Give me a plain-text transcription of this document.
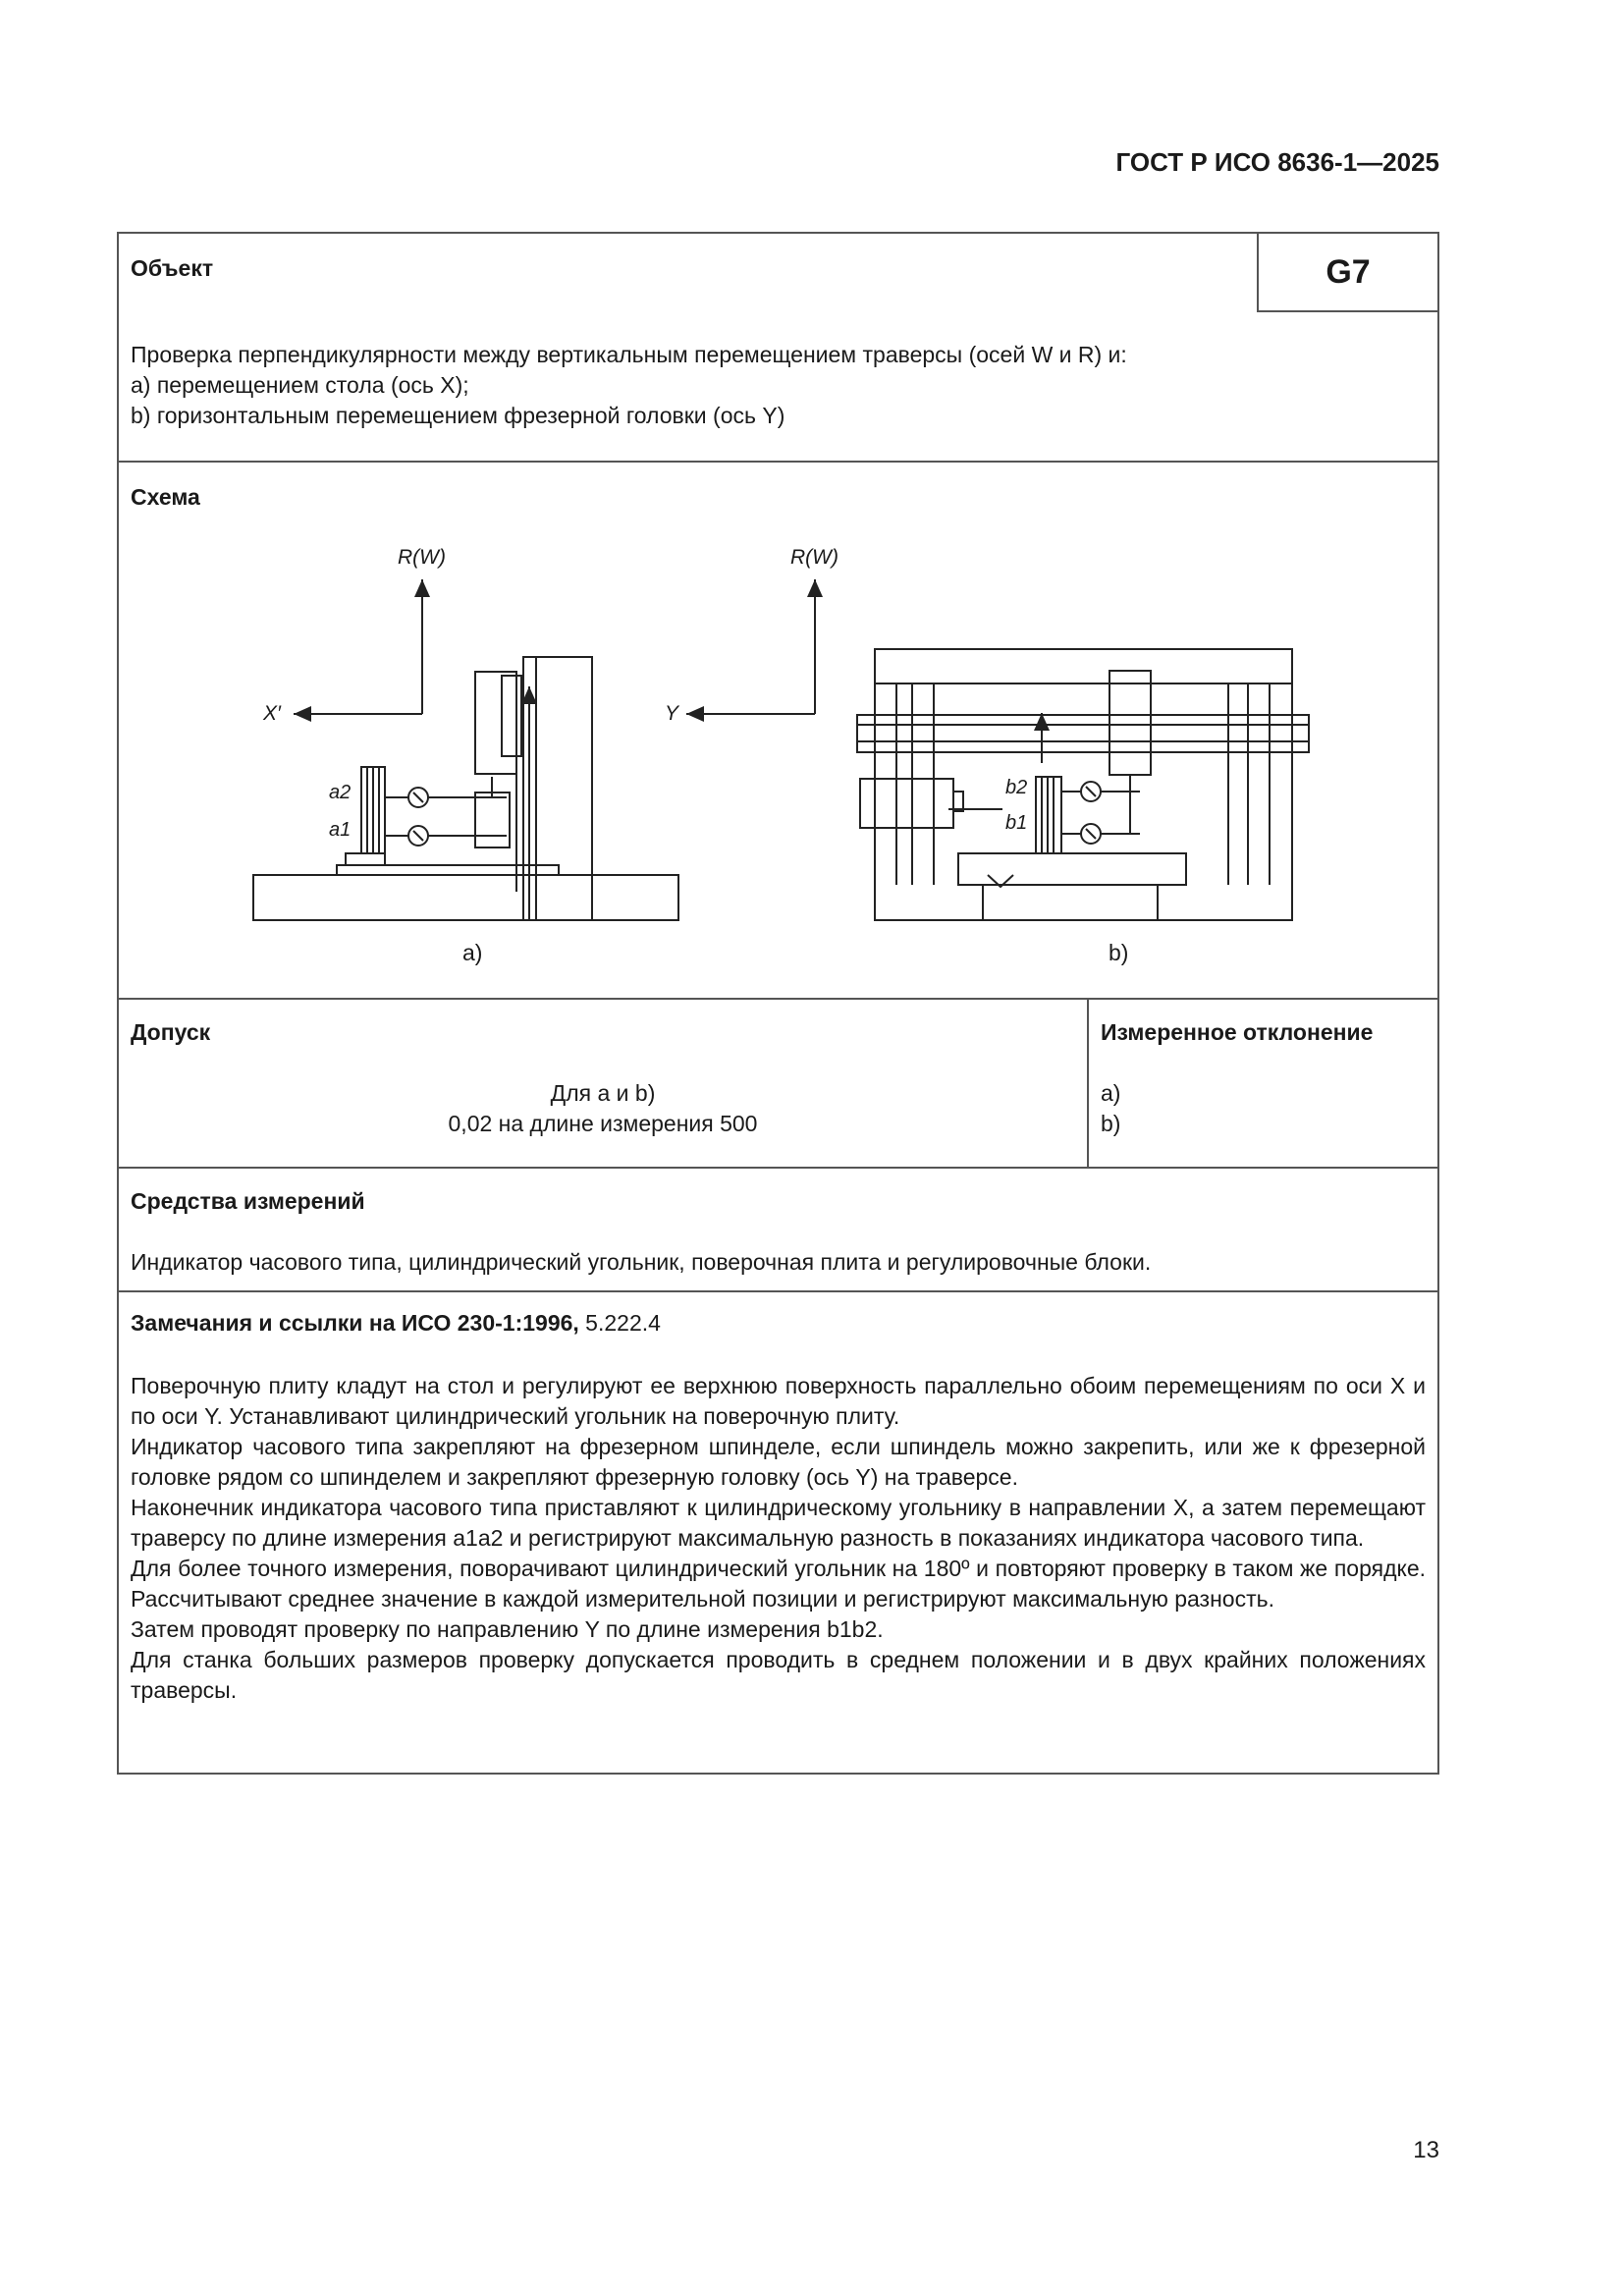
ГОСТ Р ИСО 8636-1—2025
Объект	G7
Проверка перпендикулярности между вертикальным перемещением траверсы (осей W и R) и:
a) перемещением стола (ось X);
b) горизонтальным перемещением фрезерной головки (ось Y)
Схема
R(W)
X′
a2
a1
a)
R(W)
Y
b2
b1
b)
Допуск
Для a и b)
0,02 на длине измерения 500
Измеренное отклонение
a)
b)
Средства измерений
Индикатор часового типа, цилиндрический угольник, поверочная плита и регулировочные блоки.
Замечания и ссылки на ИСО 230-1:1996, 5.222.4

Поверочную плиту кладут на стол и регулируют ее верхнюю поверхность параллельно обоим перемещениям по оси X и по оси Y. Устанавливают цилиндрический угольник на поверочную плиту.

Индикатор часового типа закрепляют на фрезерном шпинделе, если шпиндель можно закрепить, или же к фрезерной головке рядом со шпинделем и закрепляют фрезерную головку (ось Y) на траверсе.

Наконечник индикатора часового типа приставляют к цилиндрическому угольнику в направлении X, а затем перемещают траверсу по длине измерения a1a2 и регистрируют максимальную разность в показаниях индикатора часового типа.

Для более точного измерения, поворачивают цилиндрический угольник на 180º и повторяют проверку в таком же порядке. Рассчитывают среднее значение в каждой измерительной позиции и регистрируют максимальную разность.

Затем проводят проверку по направлению Y по длине измерения b1b2.

Для станка больших размеров проверку допускается проводить в среднем положении и в двух крайних положениях траверсы.

13
